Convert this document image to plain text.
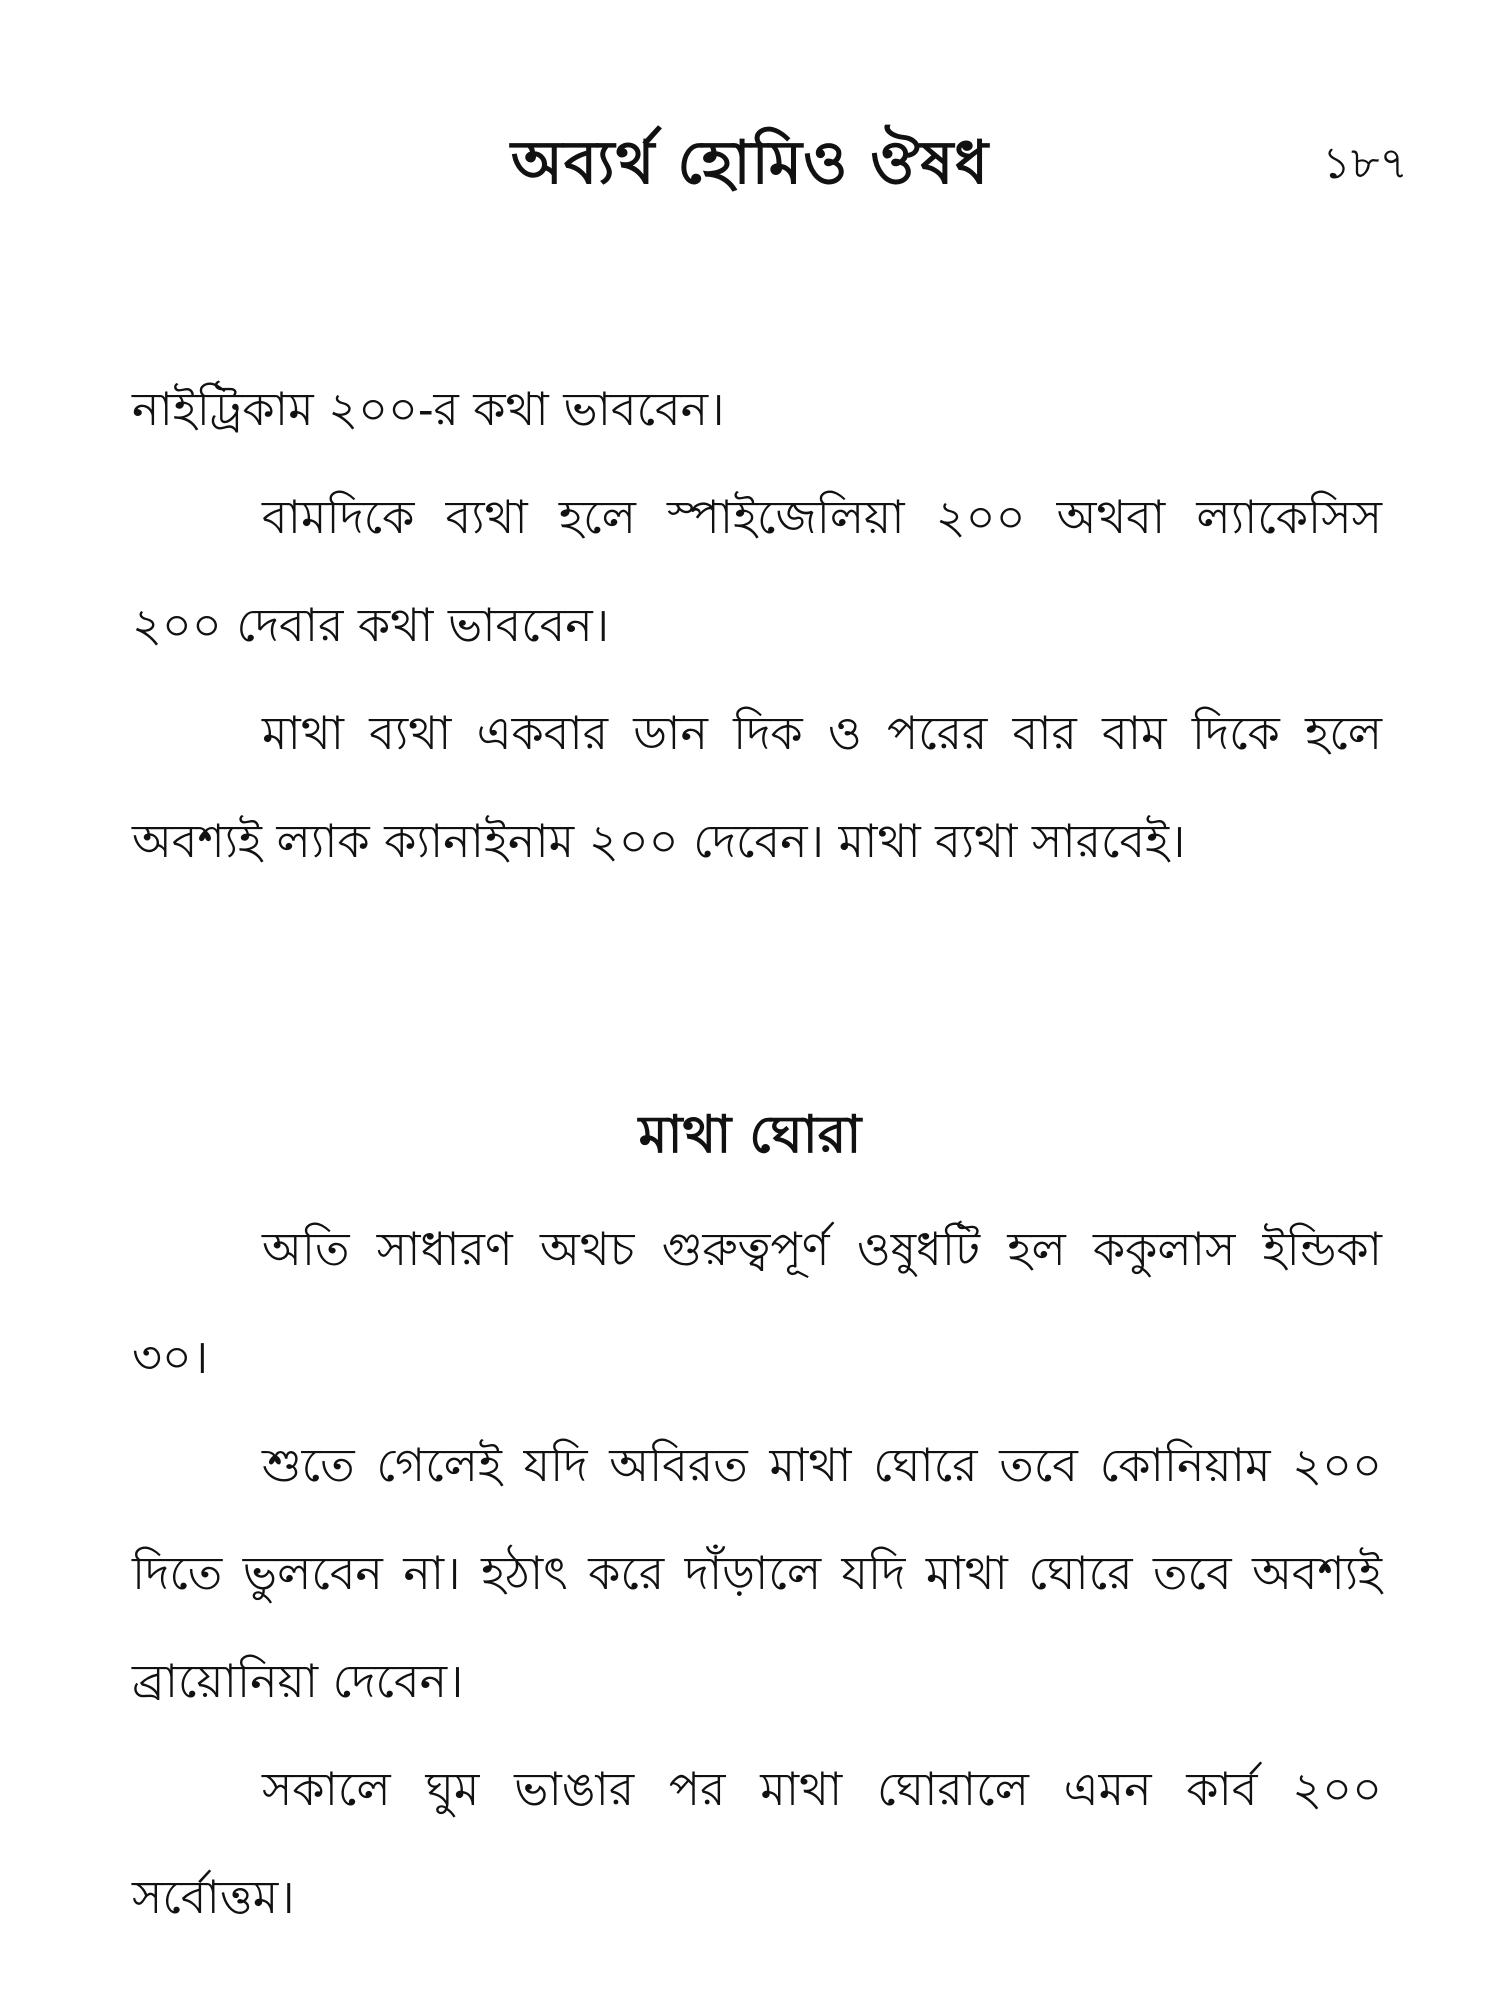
অব্যর্থ হোমিও ঔষধ	১৮৭

নাইট্রিকাম ২০০-র কথা ভাববেন।

বামদিকে ব্যথা হলে স্পাইজেলিয়া ২০০ অথবা ল্যাকেসিস ২০০ দেবার কথা ভাববেন।

মাথা ব্যথা একবার ডান দিক ও পরের বার বাম দিকে হলে অবশ্যই ল্যাক ক্যানাইনাম ২০০ দেবেন। মাথা ব্যথা সারবেই।

মাথা ঘোরা

অতি সাধারণ অথচ গুরুত্বপূর্ণ ওষুধটি হল ককুলাস ইন্ডিকা ৩০।

শুতে গেলেই যদি অবিরত মাথা ঘোরে তবে কোনিয়াম ২০০ দিতে ভুলবেন না। হঠাৎ করে দাঁড়ালে যদি মাথা ঘোরে তবে অবশ্যই ব্রায়োনিয়া দেবেন।

সকালে ঘুম ভাঙার পর মাথা ঘোরালে এমন কার্ব ২০০ সর্বোত্তম।
